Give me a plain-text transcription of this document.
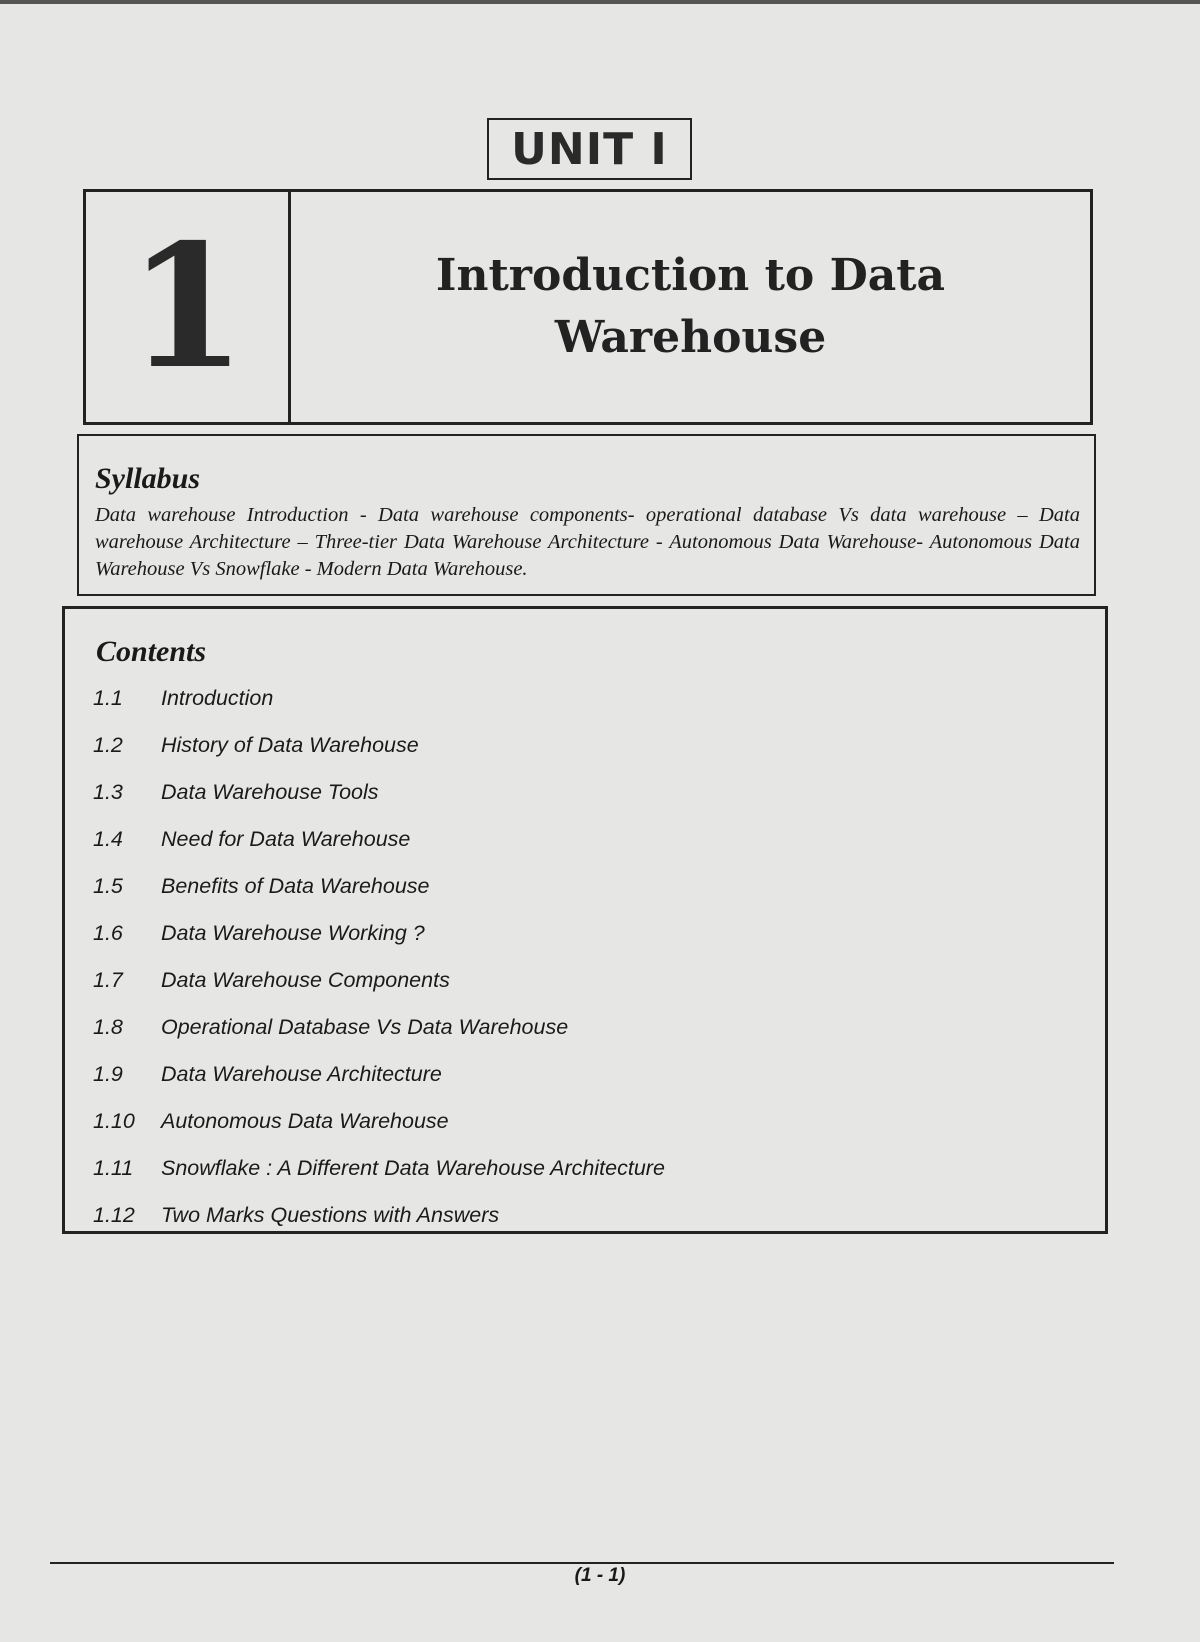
UNIT I
1	Introduction to Data
Warehouse
Syllabus

Data warehouse Introduction - Data warehouse components- operational database Vs data warehouse – Data warehouse Architecture – Three-tier Data Warehouse Architecture - Autonomous Data Warehouse- Autonomous Data Warehouse Vs Snowflake - Modern Data Warehouse.

Contents
1.1	Introduction
1.2	History of Data Warehouse
1.3	Data Warehouse Tools
1.4	Need for Data Warehouse
1.5	Benefits of Data Warehouse
1.6	Data Warehouse Working ?
1.7	Data Warehouse Components
1.8	Operational Database Vs Data Warehouse
1.9	Data Warehouse Architecture
1.10	Autonomous Data Warehouse
1.11	Snowflake : A Different Data Warehouse Architecture
1.12	Two Marks Questions with Answers
(1 - 1)
